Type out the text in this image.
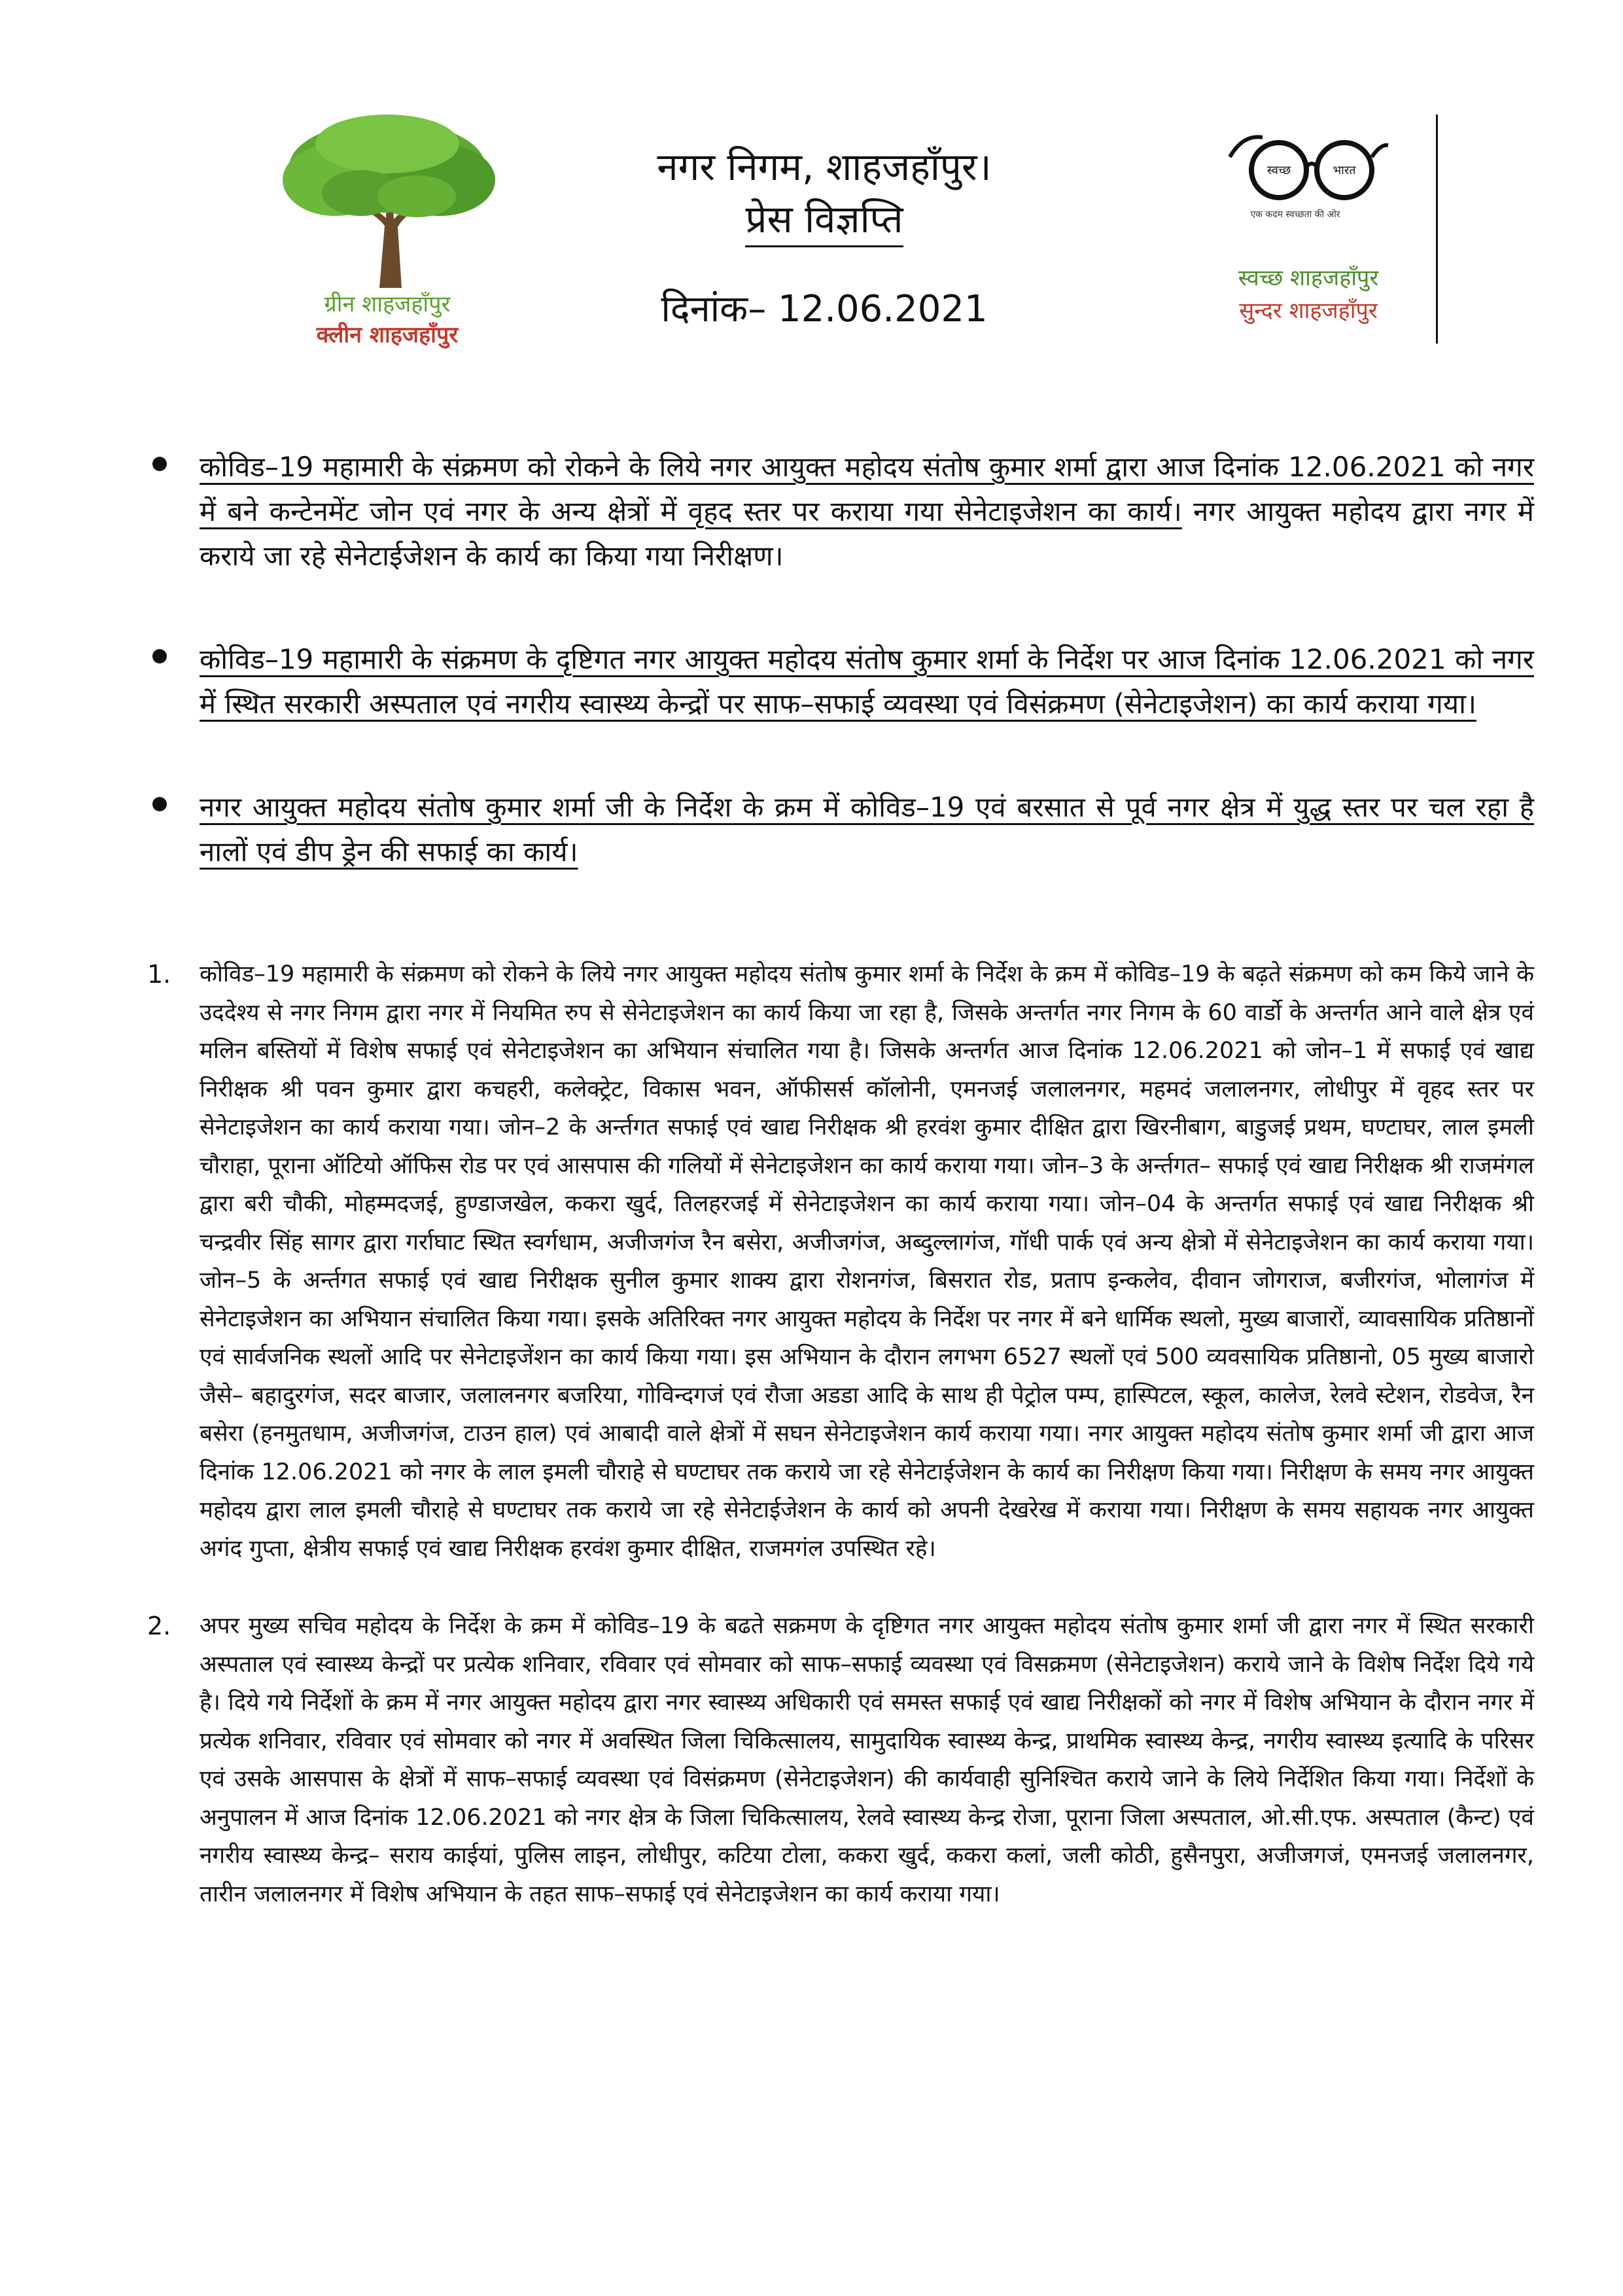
ग्रीन शाहजहाँपुर
क्लीन शाहजहाँपुर
नगर निगम, शाहजहाँपुर।
प्रेस विज्ञप्ति
दिनांक– 12.06.2021
स्वच्छ	भारत
एक कदम स्वच्छता की ओर
स्वच्छ शाहजहाँपुर
सुन्दर शाहजहाँपुर
कोविड–19 महामारी के संक्रमण को रोकने के लिये नगर आयुक्त महोदय संतोष कुमार शर्मा द्वारा आज दिनांक 12.06.2021 को नगर में बने कन्टेनमेंट जोन एवं नगर के अन्य क्षेत्रों में वृहद स्तर पर कराया गया सेनेटाइजेशन का कार्य। नगर आयुक्त महोदय द्वारा नगर में कराये जा रहे सेनेटाईजेशन के कार्य का किया गया निरीक्षण।
कोविड–19 महामारी के संक्रमण के दृष्टिगत नगर आयुक्त महोदय संतोष कुमार शर्मा के निर्देश पर आज दिनांक 12.06.2021 को नगर में स्थित सरकारी अस्पताल एवं नगरीय स्वास्थ्य केन्द्रों पर साफ–सफाई व्यवस्था एवं विसंक्रमण (सेनेटाइजेशन) का कार्य कराया गया।
नगर आयुक्त महोदय संतोष कुमार शर्मा जी के निर्देश के क्रम में कोविड–19 एवं बरसात से पूर्व नगर क्षेत्र में युद्ध स्तर पर चल रहा है नालों एवं डीप ड्रेन की सफाई का कार्य।
1. कोविड–19 महामारी के संक्रमण को रोकने के लिये नगर आयुक्त महोदय संतोष कुमार शर्मा के निर्देश के क्रम में कोविड–19 के बढ़ते संक्रमण को कम किये जाने के उददेश्य से नगर निगम द्वारा नगर में नियमित रुप से सेनेटाइजेशन का कार्य किया जा रहा है, जिसके अन्तर्गत नगर निगम के 60 वार्डो के अन्तर्गत आने वाले क्षेत्र एवं मलिन बस्तियों में विशेष सफाई एवं सेनेटाइजेशन का अभियान संचालित गया है। जिसके अन्तर्गत आज दिनांक 12.06.2021 को जोन–1 में सफाई एवं खाद्य निरीक्षक श्री पवन कुमार द्वारा कचहरी, कलेक्ट्रेट, विकास भवन, ऑफीसर्स कॉलोनी, एमनजई जलालनगर, महमदं जलालनगर, लोधीपुर में वृहद स्तर पर सेनेटाइजेशन का कार्य कराया गया। जोन–2 के अर्न्तगत सफाई एवं खाद्य निरीक्षक श्री हरवंश कुमार दीक्षित द्वारा खिरनीबाग, बाडुजई प्रथम, घण्टाघर, लाल इमली चौराहा, पूराना ऑटियो ऑफिस रोड पर एवं आसपास की गलियों में सेनेटाइजेशन का कार्य कराया गया। जोन–3 के अर्न्तगत– सफाई एवं खाद्य निरीक्षक श्री राजमंगल द्वारा बरी चौकी, मोहम्मदजई, हुण्डाजखेल, ककरा खुर्द, तिलहरजई में सेनेटाइजेशन का कार्य कराया गया। जोन–04 के अन्तर्गत सफाई एवं खाद्य निरीक्षक श्री चन्द्रवीर सिंह सागर द्वारा गर्राघाट स्थित स्वर्गधाम, अजीजगंज रैन बसेरा, अजीजगंज, अब्दुल्लागंज, गॉधी पार्क एवं अन्य क्षेत्रो में सेनेटाइजेशन का कार्य कराया गया। जोन–5 के अर्न्तगत सफाई एवं खाद्य निरीक्षक सुनील कुमार शाक्य द्वारा रोशनगंज, बिसरात रोड, प्रताप इन्कलेव, दीवान जोगराज, बजीरगंज, भोलागंज में सेनेटाइजेशन का अभियान संचालित किया गया। इसके अतिरिक्त नगर आयुक्त महोदय के निर्देश पर नगर में बने धार्मिक स्थलो, मुख्य बाजारों, व्यावसायिक प्रतिष्ठानों एवं सार्वजनिक स्थलों आदि पर सेनेटाइजेंशन का कार्य किया गया। इस अभियान के दौरान लगभग 6527 स्थलों एवं 500 व्यवसायिक प्रतिष्ठानो, 05 मुख्य बाजारो जैसे– बहादुरगंज, सदर बाजार, जलालनगर बजरिया, गोविन्दगजं एवं रौजा अडडा आदि के साथ ही पेट्रोल पम्प, हास्पिटल, स्कूल, कालेज, रेलवे स्टेशन, रोडवेज, रैन बसेरा (हनमुतधाम, अजीजगंज, टाउन हाल) एवं आबादी वाले क्षेत्रों में सघन सेनेटाइजेशन कार्य कराया गया। नगर आयुक्त महोदय संतोष कुमार शर्मा जी द्वारा आज दिनांक 12.06.2021 को नगर के लाल इमली चौराहे से घण्टाघर तक कराये जा रहे सेनेटाईजेशन के कार्य का निरीक्षण किया गया। निरीक्षण के समय नगर आयुक्त महोदय द्वारा लाल इमली चौराहे से घण्टाघर तक कराये जा रहे सेनेटाईजेशन के कार्य को अपनी देखरेख में कराया गया। निरीक्षण के समय सहायक नगर आयुक्त अगंद गुप्ता, क्षेत्रीय सफाई एवं खाद्य निरीक्षक हरवंश कुमार दीक्षित, राजमगंल उपस्थित रहे।
2. अपर मुख्य सचिव महोदय के निर्देश के क्रम में कोविड–19 के बढते सक्रमण के दृष्टिगत नगर आयुक्त महोदय संतोष कुमार शर्मा जी द्वारा नगर में स्थित सरकारी अस्पताल एवं स्वास्थ्य केन्द्रों पर प्रत्येक शनिवार, रविवार एवं सोमवार को साफ–सफाई व्यवस्था एवं विसक्रमण (सेनेटाइजेशन) कराये जाने के विशेष निर्देश दिये गये है। दिये गये निर्देशों के क्रम में नगर आयुक्त महोदय द्वारा नगर स्वास्थ्य अधिकारी एवं समस्त सफाई एवं खाद्य निरीक्षकों को नगर में विशेष अभियान के दौरान नगर में प्रत्येक शनिवार, रविवार एवं सोमवार को नगर में अवस्थित जिला चिकित्सालय, सामुदायिक स्वास्थ्य केन्द्र, प्राथमिक स्वास्थ्य केन्द्र, नगरीय स्वास्थ्य इत्यादि के परिसर एवं उसके आसपास के क्षेत्रों में साफ–सफाई व्यवस्था एवं विसंक्रमण (सेनेटाइजेशन) की कार्यवाही सुनिश्चित कराये जाने के लिये निर्देशित किया गया। निर्देशों के अनुपालन में आज दिनांक 12.06.2021 को नगर क्षेत्र के जिला चिकित्सालय, रेलवे स्वास्थ्य केन्द्र रोजा, पूराना जिला अस्पताल, ओ.सी.एफ. अस्पताल (कैन्ट) एवं नगरीय स्वास्थ्य केन्द्र– सराय काईयां, पुलिस लाइन, लोधीपुर, कटिया टोला, ककरा खुर्द, ककरा कलां, जली कोठी, हुसैनपुरा, अजीजगजं, एमनजई जलालनगर, तारीन जलालनगर में विशेष अभियान के तहत साफ–सफाई एवं सेनेटाइजेशन का कार्य कराया गया।
